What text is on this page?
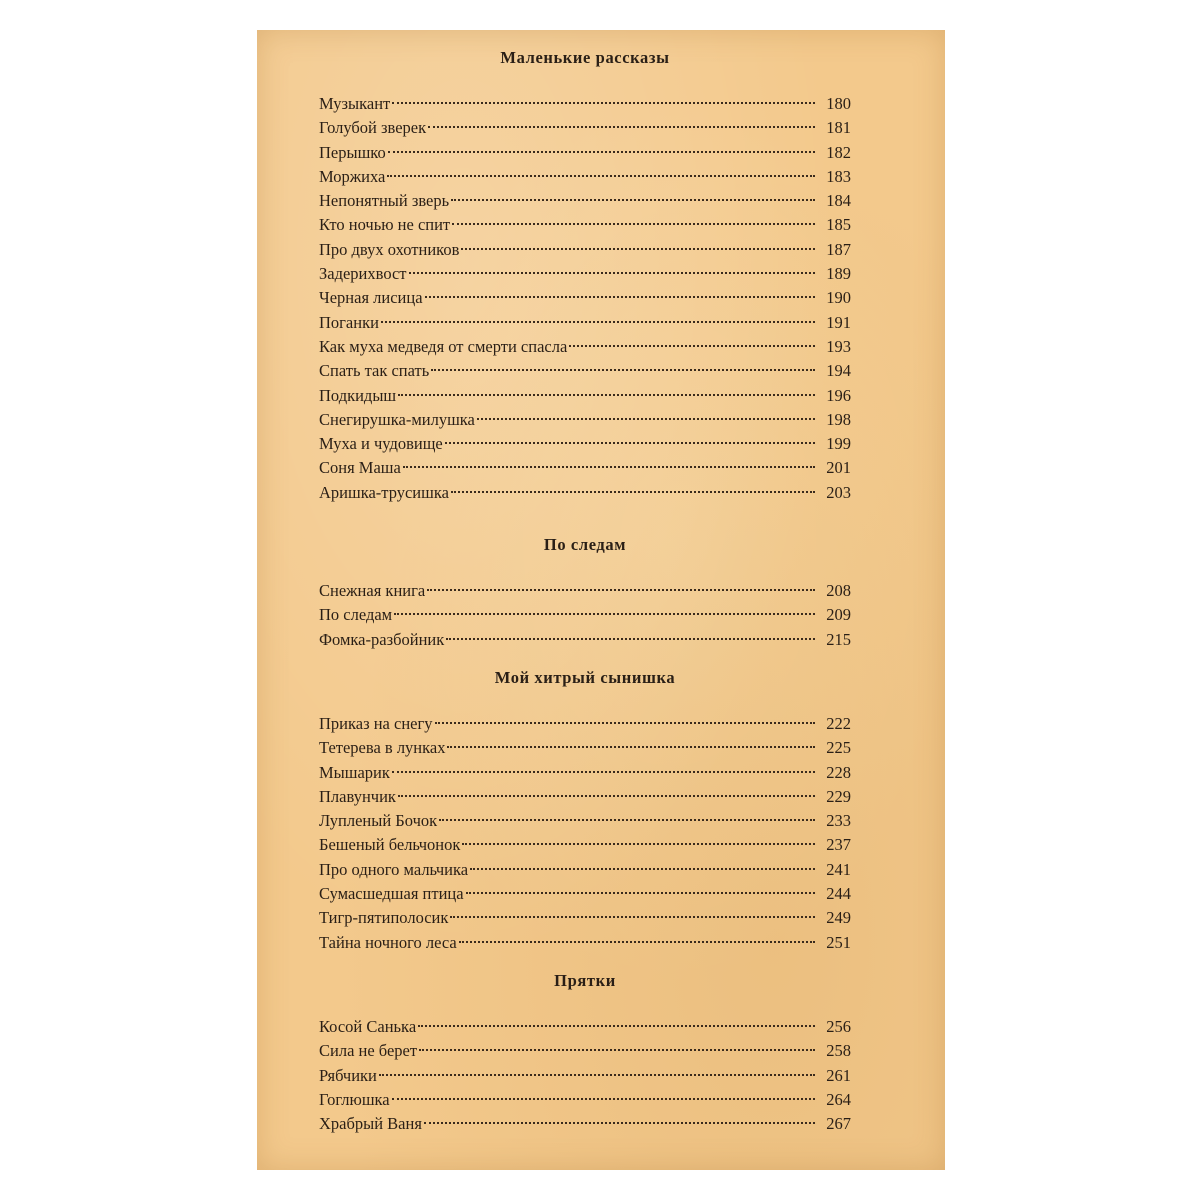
Маленькие рассказы
Музыкант	180
Голубой зверек	181
Перышко	182
Моржиха	183
Непонятный зверь	184
Кто ночью не спит	185
Про двух охотников	187
Задерихвост	189
Черная лисица	190
Поганки	191
Как муха медведя от смерти спасла	193
Спать так спать	194
Подкидыш	196
Снегирушка-милушка	198
Муха и чудовище	199
Соня Маша	201
Аришка-трусишка	203
По следам
Снежная книга	208
По следам	209
Фомка-разбойник	215
Мой хитрый сынишка
Приказ на снегу	222
Тетерева в лунках	225
Мышарик	228
Плавунчик	229
Лупленый Бочок	233
Бешеный бельчонок	237
Про одного мальчика	241
Сумасшедшая птица	244
Тигр-пятиполосик	249
Тайна ночного леса	251
Прятки
Косой Санька	256
Сила не берет	258
Рябчики	261
Гоглюшка	264
Храбрый Ваня	267
